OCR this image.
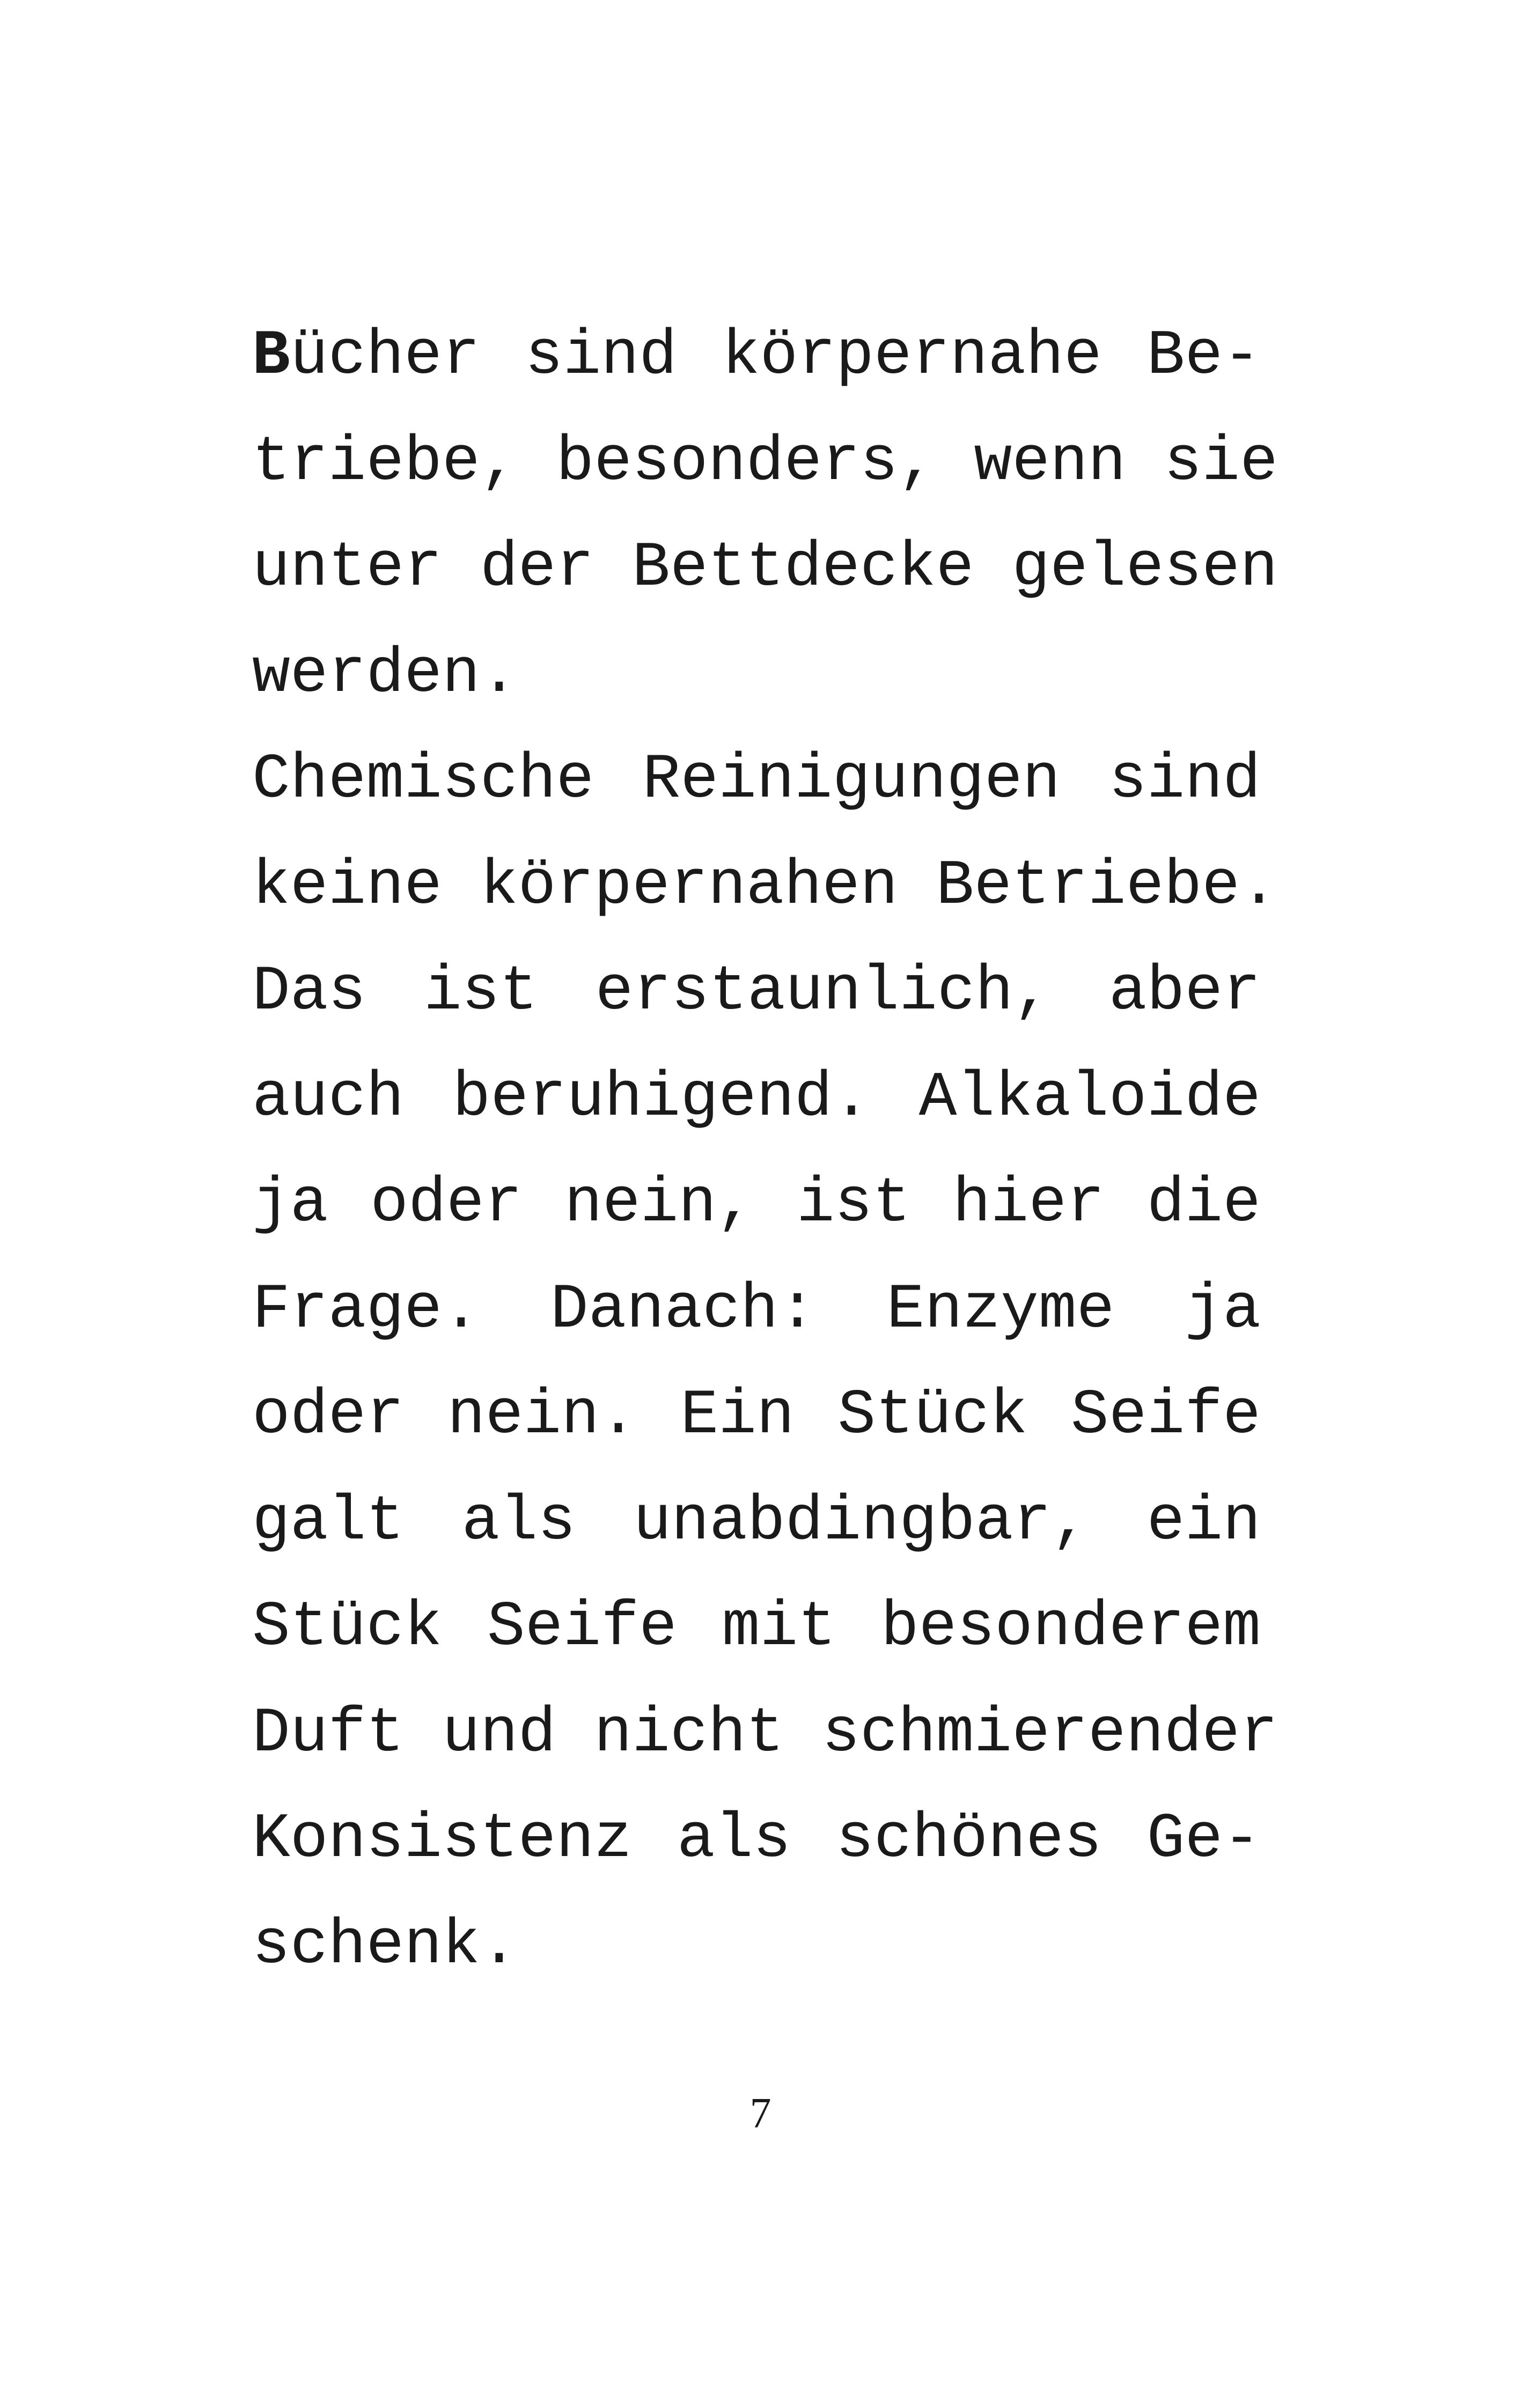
Bücher sind körpernahe Be-
triebe, besonders, wenn sie
unter der Bettdecke gelesen
werden.
Chemische Reinigungen sind
keine körpernahen Betriebe.
Das ist erstaunlich, aber
auch beruhigend. Alkaloide
ja oder nein, ist hier die
Frage. Danach: Enzyme ja
oder nein. Ein Stück Seife
galt als unabdingbar, ein
Stück Seife mit besonderem
Duft und nicht schmierender
Konsistenz als schönes Ge-
schenk.
7
